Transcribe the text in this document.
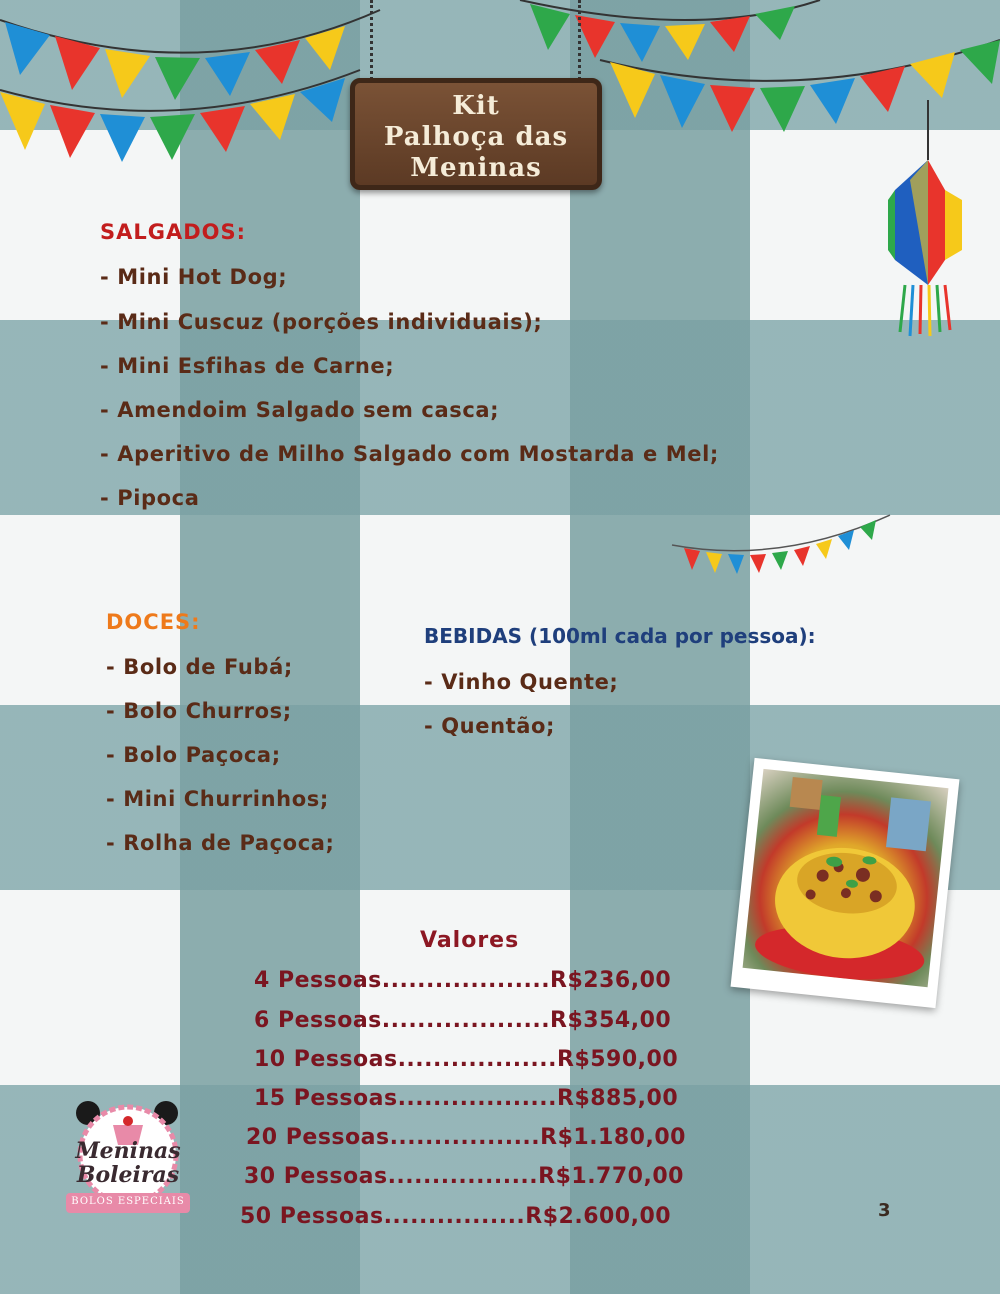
Kit
Palhoça das
Meninas
SALGADOS:
- Mini Hot Dog;
- Mini Cuscuz (porções individuais);
- Mini Esfihas de Carne;
- Amendoim Salgado sem casca;
- Aperitivo de Milho Salgado com Mostarda e Mel;
- Pipoca
DOCES:
- Bolo de Fubá;
- Bolo Churros;
- Bolo Paçoca;
- Mini Churrinhos;
- Rolha de Paçoca;
BEBIDAS (100ml cada por pessoa):
- Vinho Quente;
- Quentão;
Valores
4 Pessoas...................R$236,00
6 Pessoas...................R$354,00
10 Pessoas..................R$590,00
15 Pessoas..................R$885,00
20 Pessoas.................R$1.180,00
30 Pessoas.................R$1.770,00
50 Pessoas................R$2.600,00
Meninas
Boleiras
BOLOS ESPECIAIS	3
